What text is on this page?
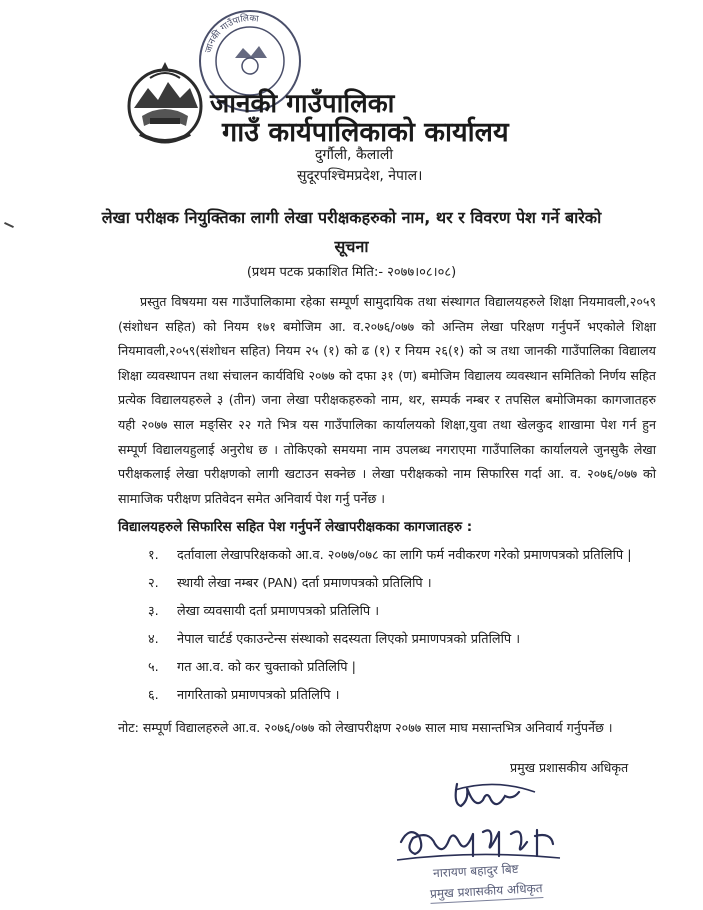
जानकी गाउँपालिका
जानकी गाउँपालिका
गाउँ कार्यपालिकाको कार्यालय
दुर्गौली, कैलाली
सुदूरपश्चिमप्रदेश, नेपाल।
लेखा परीक्षक नियुक्तिका लागी लेखा परीक्षकहरुको नाम, थर र विवरण पेश गर्ने बारेको
सूचना
(प्रथम पटक प्रकाशित मिति:- २०७७।०८।०८)

प्रस्तुत विषयमा यस गाउँपालिकामा रहेका सम्पूर्ण सामुदायिक तथा संस्थागत विद्यालयहरुले शिक्षा नियमावली,२०५९ (संशोधन सहित) को नियम १७१ बमोजिम आ. व.२०७६/०७७ को अन्तिम लेखा परिक्षण गर्नुपर्ने भएकोले शिक्षा नियमावली,२०५९(संशोधन सहित) नियम २५ (१) को ढ (१) र नियम २६(१) को ञ तथा जानकी गाउँपालिका विद्यालय शिक्षा व्यवस्थापन तथा संचालन कार्यविधि २०७७ को दफा ३१ (ण) बमोजिम विद्यालय व्यवस्थान समितिको निर्णय सहित प्रत्येक विद्यालयहरुले ३ (तीन) जना लेखा परीक्षकहरुको नाम, थर, सम्पर्क नम्बर र तपसिल बमोजिमका कागजातहरु यही २०७७ साल मङ्सिर २२ गते भित्र यस गाउँपालिका कार्यालयको शिक्षा,युवा तथा खेलकुद शाखामा पेश गर्न हुन सम्पूर्ण विद्यालयहुलाई अनुरोध छ । तोकिएको समयमा नाम उपलब्ध नगराएमा गाउँपालिका कार्यालयले जुनसुकै लेखा परीक्षकलाई लेखा परीक्षणको लागी खटाउन सक्नेछ । लेखा परीक्षकको नाम सिफारिस गर्दा आ. व. २०७६/०७७ को सामाजिक परीक्षण प्रतिवेदन समेत अनिवार्य पेश गर्नु पर्नेछ ।

विद्यालयहरुले सिफारिस सहित पेश गर्नुपर्ने लेखापरीक्षकका कागजातहरु :
१. दर्तावाला लेखापरिक्षकको आ.व. २०७७/०७८ का लागि फर्म नवीकरण गरेको प्रमाणपत्रको प्रतिलिपि |
२. स्थायी लेखा नम्बर (PAN) दर्ता प्रमाणपत्रको प्रतिलिपि ।
३. लेखा व्यवसायी दर्ता प्रमाणपत्रको प्रतिलिपि ।
४. नेपाल चार्टर्ड एकाउन्टेन्स संस्थाको सदस्यता लिएको प्रमाणपत्रको प्रतिलिपि ।
५. गत आ.व. को कर चुक्ताको प्रतिलिपि |
६. नागरिताको प्रमाणपत्रको प्रतिलिपि ।
नोट: सम्पूर्ण विद्यालहरुले आ.व. २०७६/०७७ को लेखापरीक्षण २०७७ साल माघ मसान्तभित्र अनिवार्य गर्नुपर्नेछ ।
प्रमुख प्रशासकीय अधिकृत
नारायण बहादुर बिष्ट
प्रमुख प्रशासकीय अधिकृत
